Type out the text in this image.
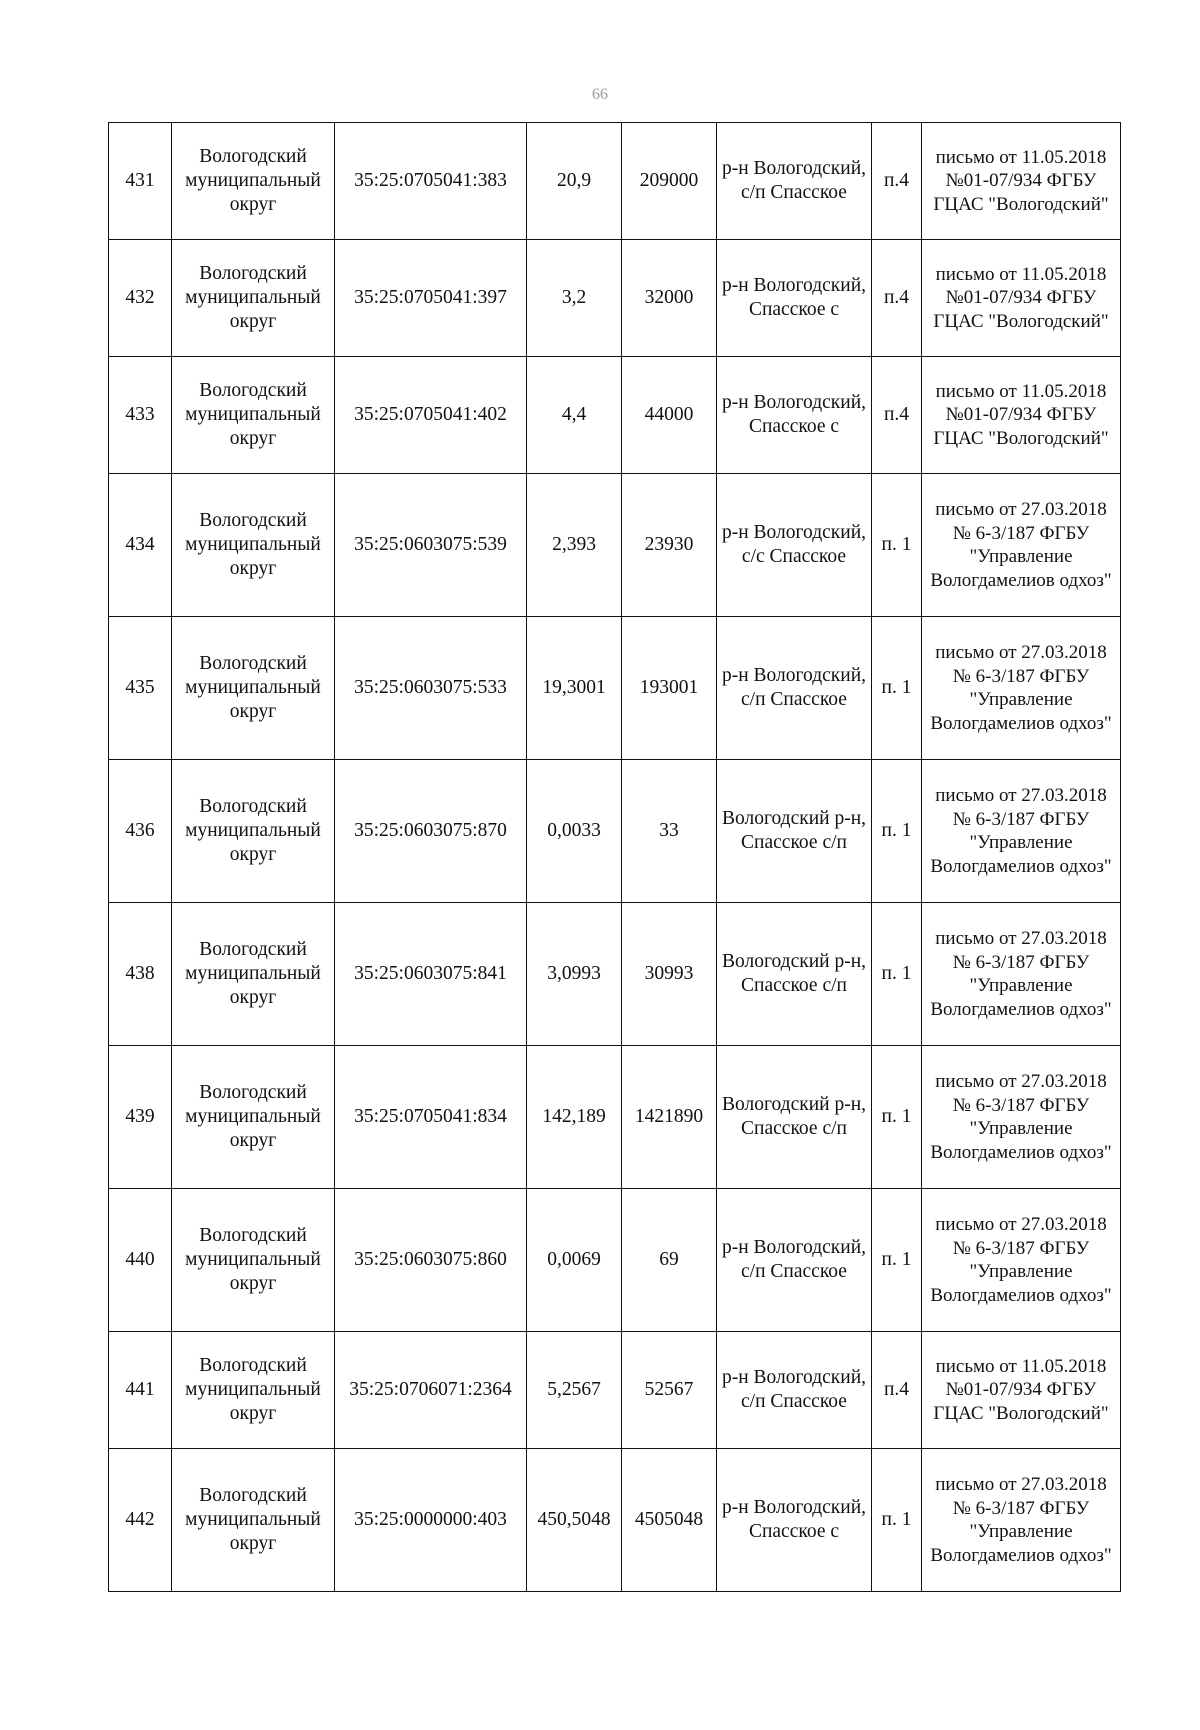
66
431	Вологодский муниципальный округ	35:25:0705041:383	20,9	209000	р-н Вологодский, с/п Спасское	п.4	письмо от 11.05.2018 №01-07/934 ФГБУ ГЦАС "Вологодский"
432	Вологодский муниципальный округ	35:25:0705041:397	3,2	32000	р-н Вологодский, Спасское с	п.4	письмо от 11.05.2018 №01-07/934 ФГБУ ГЦАС "Вологодский"
433	Вологодский муниципальный округ	35:25:0705041:402	4,4	44000	р-н Вологодский, Спасское с	п.4	письмо от 11.05.2018 №01-07/934 ФГБУ ГЦАС "Вологодский"
434	Вологодский муниципальный округ	35:25:0603075:539	2,393	23930	р-н Вологодский, с/с Спасское	п. 1	письмо от 27.03.2018 № 6-3/187 ФГБУ "Управление Вологдамелиов одхоз"
435	Вологодский муниципальный округ	35:25:0603075:533	19,3001	193001	р-н Вологодский, с/п Спасское	п. 1	письмо от 27.03.2018 № 6-3/187 ФГБУ "Управление Вологдамелиов одхоз"
436	Вологодский муниципальный округ	35:25:0603075:870	0,0033	33	Вологодский р-н, Спасское с/п	п. 1	письмо от 27.03.2018 № 6-3/187 ФГБУ "Управление Вологдамелиов одхоз"
438	Вологодский муниципальный округ	35:25:0603075:841	3,0993	30993	Вологодский р-н, Спасское с/п	п. 1	письмо от 27.03.2018 № 6-3/187 ФГБУ "Управление Вологдамелиов одхоз"
439	Вологодский муниципальный округ	35:25:0705041:834	142,189	1421890	Вологодский р-н, Спасское с/п	п. 1	письмо от 27.03.2018 № 6-3/187 ФГБУ "Управление Вологдамелиов одхоз"
440	Вологодский муниципальный округ	35:25:0603075:860	0,0069	69	р-н Вологодский, с/п Спасское	п. 1	письмо от 27.03.2018 № 6-3/187 ФГБУ "Управление Вологдамелиов одхоз"
441	Вологодский муниципальный округ	35:25:0706071:2364	5,2567	52567	р-н Вологодский, с/п Спасское	п.4	письмо от 11.05.2018 №01-07/934 ФГБУ ГЦАС "Вологодский"
442	Вологодский муниципальный округ	35:25:0000000:403	450,5048	4505048	р-н Вологодский, Спасское с	п. 1	письмо от 27.03.2018 № 6-3/187 ФГБУ "Управление Вологдамелиов одхоз"
